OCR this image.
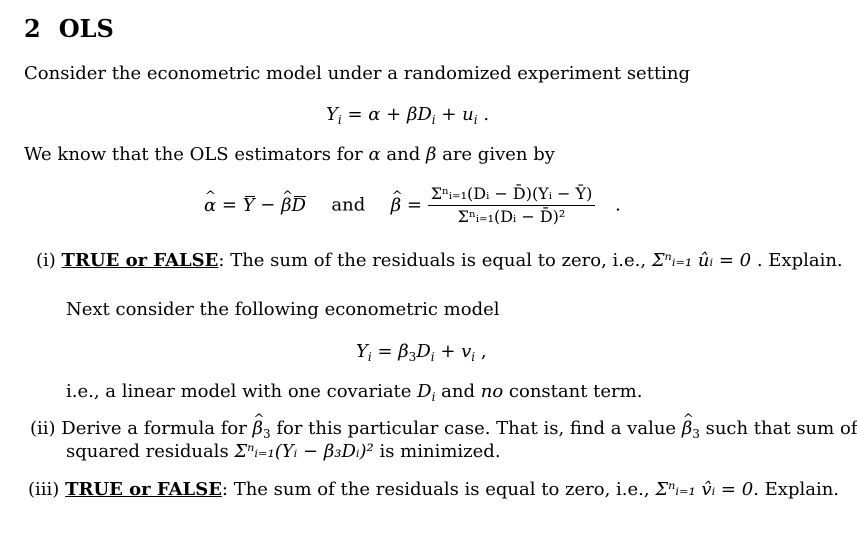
2 OLS
Consider the econometric model under a randomized experiment setting
$Y_i = \alpha + \beta D_i + u_i$ .
We know that the OLS estimators for α and β are given by
^ α = Y − ^ βD and  ^ $\beta = \frac{\text{Σⁿᵢ₌₁(Dᵢ − D̄)(Yᵢ − Ȳ)}}{\text{Σⁿᵢ₌₁(Dᵢ − D̄)²}}$ .
(i) TRUE or FALSE: The sum of the residuals is equal to zero, i.e., Σⁿᵢ₌₁ ûᵢ = 0 . Explain.
Next consider the following econometric model
$Y_i = \beta_3D_i + v_i$ ,
i.e., a linear model with one covariate $D_i$ and no constant term.
(ii) Derive a formula for ^ $\beta_3$ for this particular case. That is, find a value ^ $\beta_3$ such that sum of
squared residuals Σⁿᵢ₌₁(Yᵢ − β₃Dᵢ)² is minimized.
(iii) TRUE or FALSE: The sum of the residuals is equal to zero, i.e., Σⁿᵢ₌₁ v̂ᵢ = 0. Explain.
